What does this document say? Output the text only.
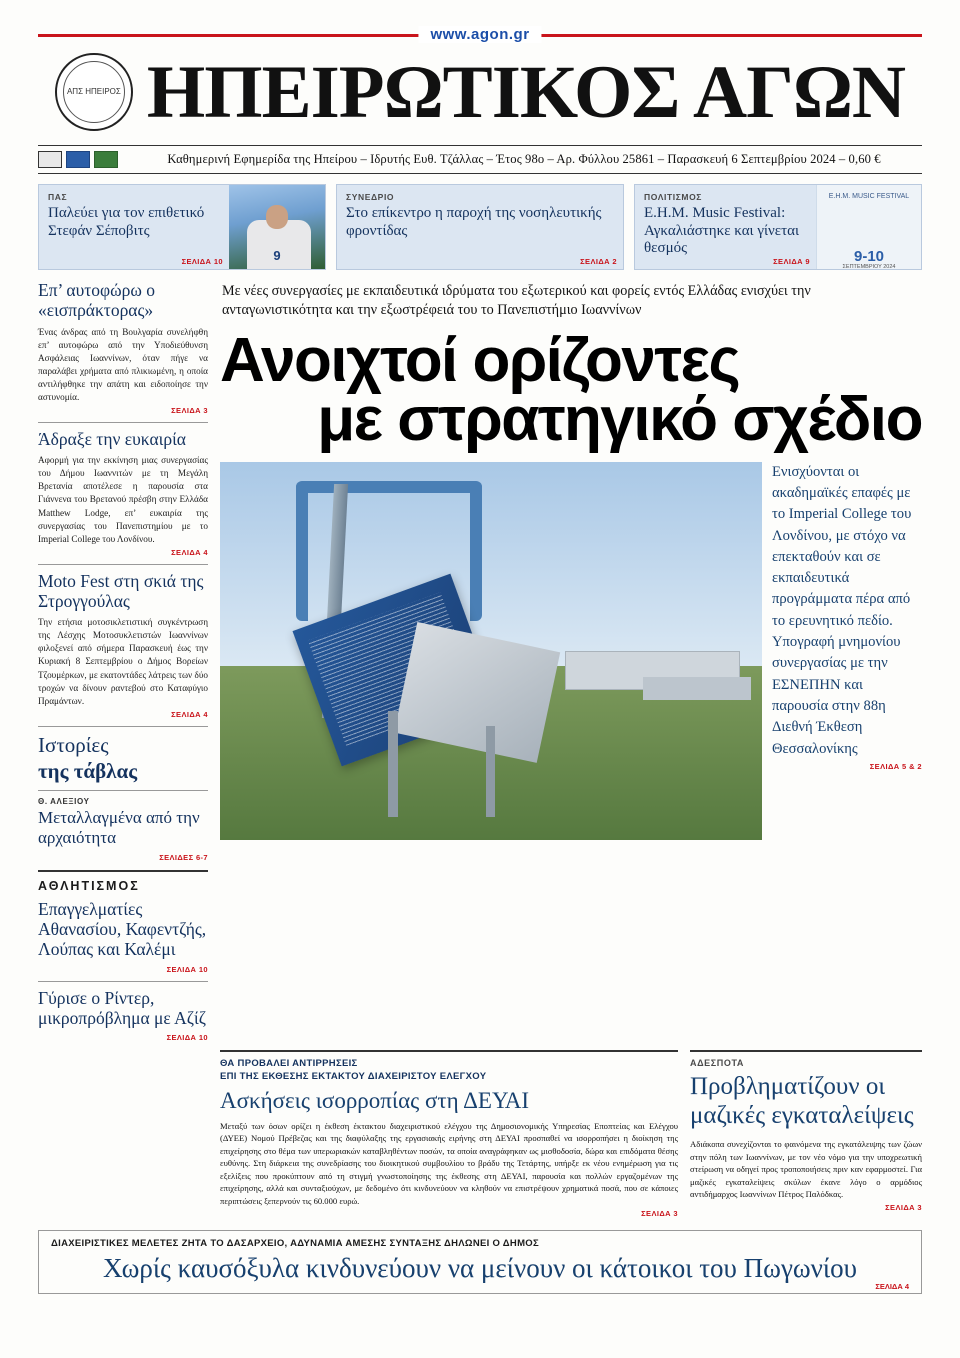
www.agon.gr
ΑΠΣ ΗΠΕΙΡΟΣ ΗΠΕΙΡΩΤΙΚΟΣ ΑΓΩΝ
Καθημερινή Εφημερίδα της Ηπείρου – Ιδρυτής Ευθ. Τζάλλας – Έτος 98ο – Αρ. Φύλλου 25861 – Παρασκευή 6 Σεπτεμβρίου 2024 – 0,60 €
ΠΑΣ
Παλεύει για τον επιθετικό Στεφάν Σέποβιτς
ΣΕΛΙΔΑ 10	9
ΣΥΝΕΔΡΙΟ
Στο επίκεντρο η παροχή της νοσηλευτικής φροντίδας
ΣΕΛΙΔΑ 2
ΠΟΛΙΤΙΣΜΟΣ
E.H.M. Music Festival: Αγκαλιάστηκε και γίνεται θεσμός
ΣΕΛΙΔΑ 9
E.H.M. MUSIC FESTIVAL
9-10
ΣΕΠΤΕΜΒΡΙΟΥ 2024
Επ’ αυτοφώρω ο «εισπράκτορας»
Ένας άνδρας από τη Βουλγαρία συνελήφθη επ’ αυτοφώρω από την Υποδιεύθυνση Ασφάλειας Ιωαννίνων, όταν πήγε να παραλάβει χρήματα από πλικιωμένη, η οποία αντιλήφθηκε την απάτη και ειδοποίησε την αστυνομία.
ΣΕΛΙΔΑ 3
Άδραξε την ευκαιρία
Αφορμή για την εκκίνηση μιας συνεργασίας του Δήμου Ιωαννιτών με τη Μεγάλη Βρετανία αποτέλεσε η παρουσία στα Γιάννενα του Βρετανού πρέσβη στην Ελλάδα Matthew Lodge, επ’ ευκαιρία της συνεργασίας του Πανεπιστημίου με το Imperial College του Λονδίνου.
ΣΕΛΙΔΑ 4
Moto Fest στη σκιά της Στρογγούλας
Την ετήσια μοτοσικλετιστική συγκέντρωση της Λέσχης Μοτοσυκλετιστών Ιωαννίνων φιλοξενεί από σήμερα Παρασκευή έως την Κυριακή 8 Σεπτεμβρίου ο Δήμος Βορείων Τζουμέρκων, με εκατοντάδες λάτρεις των δύο τροχών να δίνουν ραντεβού στο Καταφύγιο Πραμάντων.
ΣΕΛΙΔΑ 4
Ιστορίες
της τάβλας
Θ. ΑΛΕΞΙΟΥ
Μεταλλαγμένα από την αρχαιότητα
ΣΕΛΙΔΕΣ 6-7
ΑΘΛΗΤΙΣΜΟΣ
Επαγγελματίες Αθανασίου, Καφεντζής, Λούπας και Καλέμι
ΣΕΛΙΔΑ 10
Γύρισε ο Ρίντερ, μικροπρόβλημα με Αζίζ
ΣΕΛΙΔΑ 10
Με νέες συνεργασίες με εκπαιδευτικά ιδρύματα του εξωτερικού και φορείς εντός Ελλάδας ενισχύει την ανταγωνιστικότητα και την εξωστρέφειά του το Πανεπιστήμιο Ιωαννίνων
Ανοιχτοί ορίζοντες
με στρατηγικό σχέδιο
Ενισχύονται οι ακαδημαϊκές επαφές με το Imperial College του Λονδίνου, με στόχο να επεκταθούν και σε εκπαιδευτικά προγράμματα πέρα από το ερευνητικό πεδίο. Υπογραφή μνημονίου συνεργασίας με την ΕΣΝΕΠΗΝ και παρουσία στην 88η Διεθνή Έκθεση Θεσσαλονίκης
ΣΕΛΙΔΑ 5 & 2
ΘΑ ΠΡΟΒΑΛΕΙ ΑΝΤΙΡΡΗΣΕΙΣ
ΕΠΙ ΤΗΣ ΕΚΘΕΣΗΣ ΕΚΤΑΚΤΟΥ ΔΙΑΧΕΙΡΙΣΤΟΥ ΕΛΕΓΧΟΥ
Ασκήσεις ισορροπίας στη ΔΕΥΑΙ
Μεταξύ των όσων ορίζει η έκθεση έκτακτου διαχειριστικού ελέγχου της Δημοσιονομικής Υπηρεσίας Εποπτείας και Ελέγχου (ΔΥΕΕ) Νομού Πρέβεζας και της διαφύλαξης της εργασιακής ειρήνης στη ΔΕΥΑΙ προσπαθεί να ισορροπήσει η διοίκηση της επιχείρησης στο θέμα των υπερωριακών καταβληθέντων ποσών, τα οποία αναγράφηκαν ως μισθοδοσία, δώρα και επιδόματα θέσης ευθύνης. Στη διάρκεια της συνεδρίασης του διοικητικού συμβουλίου το βράδυ της Τετάρτης, υπήρξε εκ νέου ενημέρωση για τις εξελίξεις που προκύπτουν από τη στιγμή γνωστοποίησης της έκθεσης στη ΔΕΥΑΙ, παρουσία και πολλών εργαζομένων της επιχείρησης, αλλά και συνταξιούχων, με δεδομένο ότι κινδυνεύουν να κληθούν να επιστρέψουν χρηματικά ποσά, που σε κάποιες περιπτώσεις ξεπερνούν τις 60.000 ευρώ.
ΣΕΛΙΔΑ 3
ΑΔΕΣΠΟΤΑ
Προβληματίζουν οι μαζικές εγκαταλείψεις
Αδιάκοπα συνεχίζονται το φαινόμενα της εγκατάλειψης των ζώων στην πόλη των Ιωαννίνων, με τον νέο νόμο για την υποχρεωτική στείρωση να οδηγεί προς τροποποιήσεις πριν καν εφαρμοστεί. Για μαζικές εγκαταλείψεις σκύλων έκανε λόγο ο αρμόδιος αντιδήμαρχος Ιωαννίνων Πέτρος Παλόδκας.
ΣΕΛΙΔΑ 3
ΔΙΑΧΕΙΡΙΣΤΙΚΕΣ ΜΕΛΕΤΕΣ ΖΗΤΑ ΤΟ ΔΑΣΑΡΧΕΙΟ, ΑΔΥΝΑΜΙΑ ΑΜΕΣΗΣ ΣΥΝΤΑΞΗΣ ΔΗΛΩΝΕΙ Ο ΔΗΜΟΣ
Χωρίς καυσόξυλα κινδυνεύουν να μείνουν οι κάτοικοι του Πωγωνίου
ΣΕΛΙΔΑ 4
